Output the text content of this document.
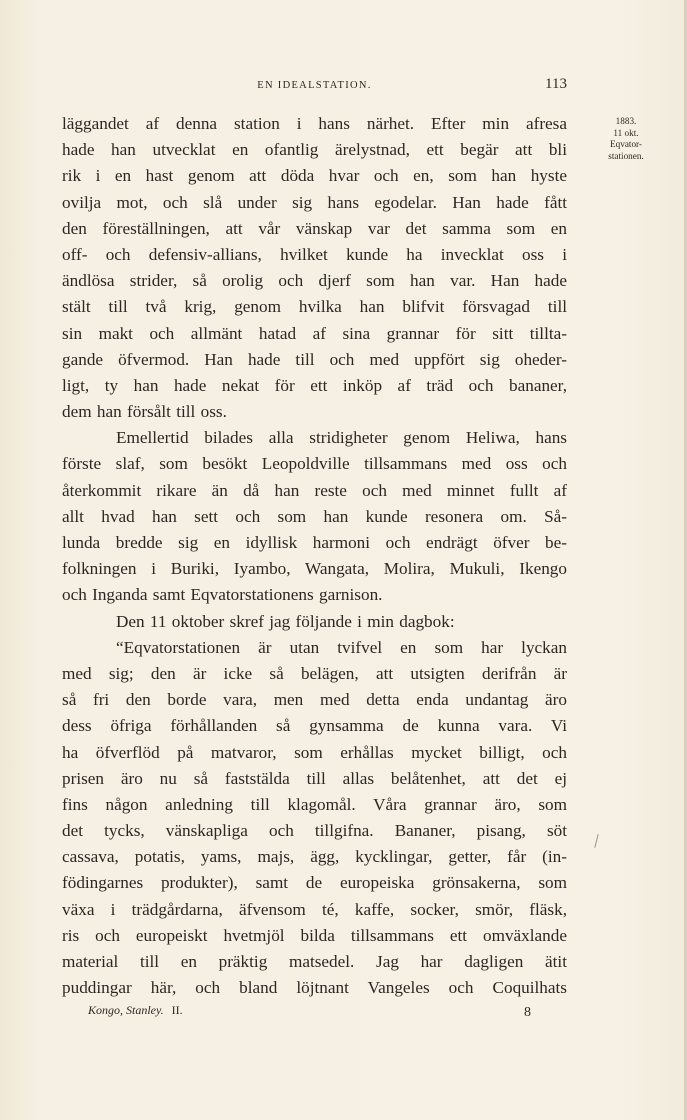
EN IDEALSTATION.	113
1883.
11 okt.
Eqvator-
stationen.
läggandet af denna station i hans närhet. Efter min afresa
hade han utvecklat en ofantlig ärelystnad, ett begär att bli
rik i en hast genom att döda hvar och en, som han hyste
ovilja mot, och slå under sig hans egodelar. Han hade fått
den föreställningen, att vår vänskap var det samma som en
off- och defensiv-allians, hvilket kunde ha invecklat oss i
ändlösa strider, så orolig och djerf som han var. Han hade
stält till två krig, genom hvilka han blifvit försvagad till
sin makt och allmänt hatad af sina grannar för sitt tillta-
gande öfvermod. Han hade till och med uppfört sig oheder-
ligt, ty han hade nekat för ett inköp af träd och bananer,
dem han försålt till oss.
Emellertid bilades alla stridigheter genom Heliwa, hans
förste slaf, som besökt Leopoldville tillsammans med oss och
återkommit rikare än då han reste och med minnet fullt af
allt hvad han sett och som han kunde resonera om. Så-
lunda bredde sig en idyllisk harmoni och endrägt öfver be-
folkningen i Buriki, Iyambo, Wangata, Molira, Mukuli, Ikengo
och Inganda samt Eqvatorstationens garnison.
Den 11 oktober skref jag följande i min dagbok:
“Eqvatorstationen är utan tvifvel en som har lyckan
med sig; den är icke så belägen, att utsigten derifrån är
så fri den borde vara, men med detta enda undantag äro
dess öfriga förhållanden så gynsamma de kunna vara. Vi
ha öfverflöd på matvaror, som erhållas mycket billigt, och
prisen äro nu så faststälda till allas belåtenhet, att det ej
fins någon anledning till klagomål. Våra grannar äro, som
det tycks, vänskapliga och tillgifna. Bananer, pisang, söt
cassava, potatis, yams, majs, ägg, kycklingar, getter, får (in-
födingarnes produkter), samt de europeiska grönsakerna, som
växa i trädgårdarna, äfvensom té, kaffe, socker, smör, fläsk,
ris och europeiskt hvetmjöl bilda tillsammans ett omväxlande
material till en präktig matsedel. Jag har dagligen ätit
puddingar här, och bland löjtnant Vangeles och Coquilhats
Kongo, Stanley. II.	8
